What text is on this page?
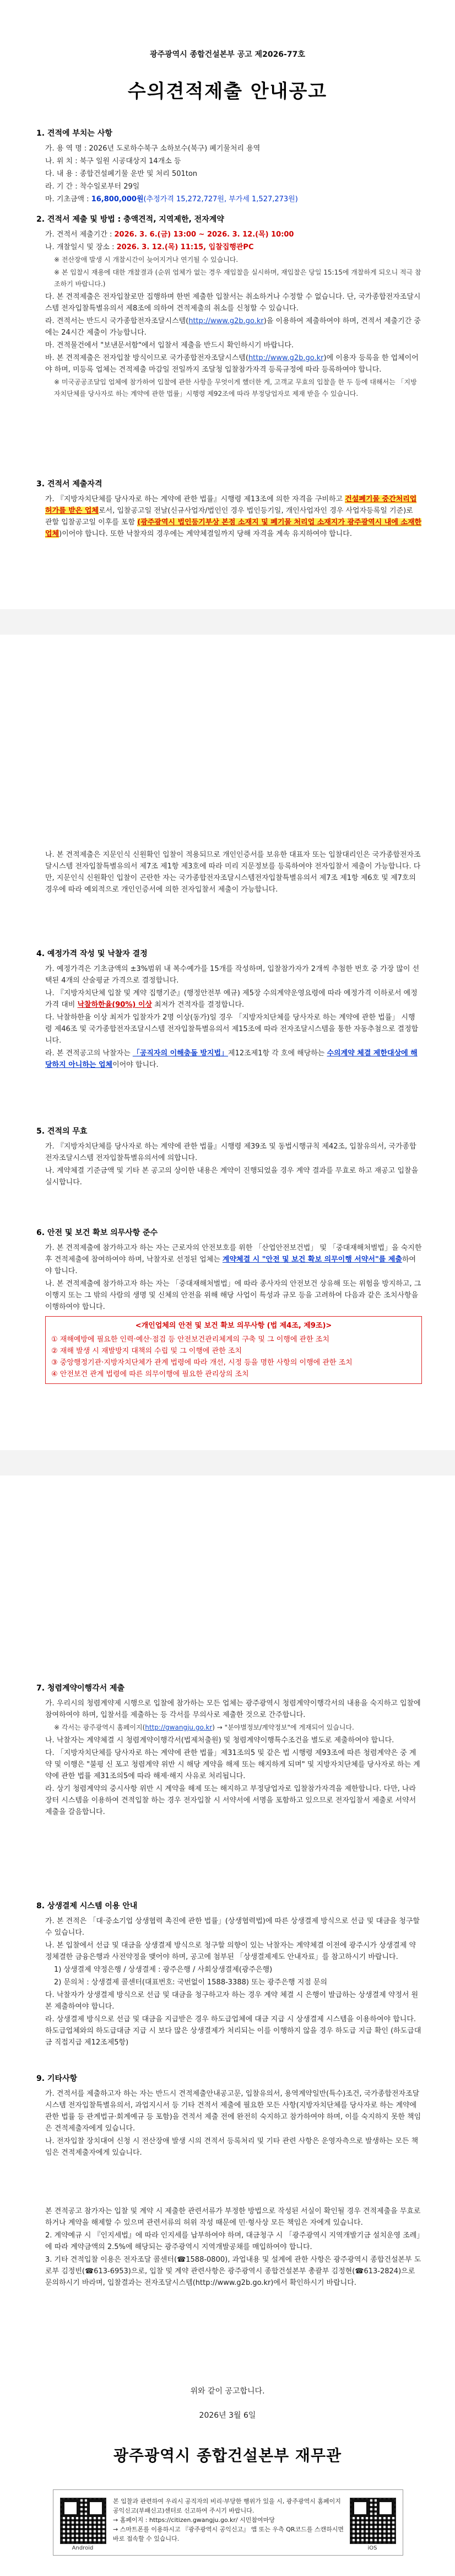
광주광역시 종합건설본부 공고 제2026-77호
수의견적제출 안내공고
1. 견적에 부치는 사항
가. 용 역 명 : 2026년 도로하수북구 소하보수(북구) 폐기물처리 용역
나. 위 치 : 북구 일원 시공대상지 14개소 등
다. 내 용 : 종합건설폐기물 운반 및 처리 501ton
라. 기 간 : 착수일로부터 29일
마. 기초금액 : 16,800,000원(추정가격 15,272,727원, 부가세 1,527,273원)
2. 견적서 제출 및 방법 : 충액견적, 지역제한, 전자계약
가. 견적서 제출기간 : 2026. 3. 6.(금) 13:00 ~ 2026. 3. 12.(목) 10:00
나. 개찰일시 및 장소 : 2026. 3. 12.(목) 11:15, 입찰집행관PC
※ 전산장애 발생 시 개찰시간이 늦어지거나 연기될 수 있습니다.
※ 본 입찰시 재용에 대한 개찰결과 (순위 업체가 없는 경우 재입찰을 실시하며, 재입찰은 당일 15:15에 개찰하게 되오니 적극 참조하기 바랍니다.)
다. 본 견적제출은 전자입찰로만 집행하며 한번 제출한 입찰서는 취소하거나 수정할 수 없습니다. 단, 국가종합전자조달시스템 전자입찰특별유의서 제8조에 의하여 견적제출의 취소를 신청할 수 있습니다.
라. 견적서는 반드시 국가종합전자조달시스템(http://www.g2b.go.kr)을 이용하여 제출하여야 하며, 견적서 제출기간 중에는 24시간 제출이 가능합니다.
마. 견적물건에서 "보낸문서함"에서 입찰서 제출을 반드시 확인하시기 바랍니다.
바. 본 견적제출은 전자입찰 방식이므로 국가종합전자조달시스템(http://www.g2b.go.kr)에 이용자 등록을 한 업체이어야 하며, 미등록 업체는 견적제출 마감일 전일까지 조달청 입찰참가자격 등록규정에 따라 등록하여야 합니다.
※ 미국공공조달입 업체에 참가하여 입찰에 관한 사항을 무엇이게 했더한 게, 고객교 무효의 입찰을 한 두 등에 대해서는 「지방자치단체를 당사자로 하는 계약에 관한 법률」시행령 제92조에 따라 부정당업자로 제재 받을 수 있습니다.
3. 견적서 제출자격
가. 『지방자치단체를 당사자로 하는 계약에 관한 법률』시행령 제13조에 의한 자격을 구비하고 건설폐기물 중간처리업 허가를 받은 업체로서, 입찰공고일 전날(신규사업자/법인인 경우 법인등기일, 개인사업자인 경우 사업자등록일 기준)로 관할 입찰공고일 이후를 포함 (광주광역시 법인등기부상 본점 소재지 및 폐기물 처리업 소재지가 광주광역시 내에 소재한 업체)이어야 합니다. 또한 낙찰자의 경우에는 계약체결일까지 당해 자격을 계속 유지하여야 합니다.
나. 본 견적제출은 지문인식 신원확인 입찰이 적용되므로 개인인증서를 보유한 대표자 또는 입찰대리인은 국가종합전자조달시스템 전자입찰특별유의서 제7조 제1항 제3호에 따라 미리 지문정보를 등록하여야 전자입찰서 제출이 가능합니다. 다만, 지문인식 신원확인 입찰이 곤란한 자는 국가종합전자조달시스템전자입찰특별유의서 제7조 제1항 제6호 및 제7호의 경우에 따라 예외적으로 개인인증서에 의한 전자입찰서 제출이 가능합니다.
4. 예정가격 작성 및 낙찰자 결정
가. 예정가격은 기초금액의 ±3%범위 내 복수예가를 15개를 작성하며, 입찰참가자가 2개씩 추첨한 번호 중 가장 많이 선택된 4개의 산술평균 가격으로 결정합니다.
나. 『지방자치단체 입찰 및 계약 집행기준』(행정안전부 예규) 제5장 수의계약운영요령에 따라 예정가격 이하로서 예정가격 대비 낙찰하한율(90%) 이상 최저가 견적자를 결정합니다.
다. 낙찰하한율 이상 최저가 입찰자가 2명 이상(동가)일 경우 「지방자치단체를 당사자로 하는 계약에 관한 법률」 시행령 제46조 및 국가종합전자조달시스템 전자입찰특별유의서 제15조에 따라 전자조달시스템을 통한 자동추첨으로 결정합니다.
라. 본 견적공고의 낙찰자는 「공직자의 이해충돌 방지법」제12조제1항 각 호에 해당하는 수의계약 체결 제한대상에 해당하지 아니하는 업체이어야 합니다.
5. 견적의 무효
가. 『지방자치단체를 당사자로 하는 계약에 관한 법률』시행령 제39조 및 동법시행규칙 제42조, 입찰유의서, 국가종합전자조달시스템 전자입찰특별유의서에 의합니다.
나. 계약체결 기준금액 및 기타 본 공고의 상이한 내용은 계약이 진행되었을 경우 계약 결과를 무효로 하고 재공고 입찰을 실시합니다.
6. 안전 및 보건 확보 의무사항 준수
가. 본 견적제출에 참가하고자 하는 자는 근로자의 안전보호를 위한 「산업안전보건법」 및 「중대재해처벌법」을 숙지한 후 견적제출에 참여하여야 하며, 낙찰자로 선정된 업체는 계약체결 시 "안전 및 보건 확보 의무이행 서약서"를 제출하여야 합니다.
나. 본 견적제출에 참가하고자 하는 자는 「중대재해처벌법」에 따라 종사자의 안전보건 상유해 또는 위험을 방지하고, 그 이행지 또는 그 밖의 사람의 생명 및 신체의 안전을 위해 해당 사업이 특성과 규모 등을 고려하여 다음과 같은 조치사항을 이행하여야 합니다.
<개인업체의 안전 및 보건 확보 의무사항 (법 제4조, 제9조)>
① 재해예방에 필요한 인력·예산·점검 등 안전보건관리체계의 구축 및 그 이행에 관한 조치
② 재해 발생 시 재발방지 대책의 수립 및 그 이행에 관한 조치
③ 중앙행정기관·지방자치단체가 관계 법령에 따라 개선, 시정 등을 명한 사항의 이행에 관한 조치
④ 안전보건 관계 법령에 따른 의무이행에 필요한 관리상의 조치
7. 청렴계약이행각서 제출
가. 우리시의 청렴계약제 시행으로 입찰에 참가하는 모든 업체는 광주광역시 청렴계약이행각서의 내용을 숙지하고 입찰에 참여하여야 하며, 입찰서를 제출하는 등 각서를 무의사로 제출한 것으로 간주합니다.
※ 각서는 광주광역시 홈페이지(http://gwangju.go.kr) → "분야별정보/계약정보"에 게재되어 있습니다.
나. 낙찰자는 계약체결 시 청렴계약이행각서(법제처출원) 및 청렴계약이행특수조건을 별도로 제출하여야 합니다.
다. 「지방자치단체를 당사자로 하는 계약에 관한 법률」제31조의5 및 같은 법 시행령 제93조에 따른 청렴계약은 중 계약 및 이행은 "불평 신 포고 청렴계약 위반 시 해당 계약을 해제 또는 해지하게 되며" 및 지방자치단체를 당사자로 하는 계약에 관한 법률 제31조의5에 따라 해제·해지 사유로 처리됩니다.
라. 상기 청렴계약의 중시사항 위반 시 계약을 해제 또는 해지하고 부정당업자로 입찰참가자격을 제한합니다. 다만, 나라장터 시스템을 이용하여 견적입찰 하는 경우 전자입찰 시 서약서에 서명을 포함하고 있으므로 전자입찰서 제출로 서약서 제출을 갈음합니다.
8. 상생결제 시스템 이용 안내
가. 본 견적은 「대·중소기업 상생협력 촉진에 관한 법률」(상생협력법)에 따른 상생결제 방식으로 선급 및 대금을 청구할 수 있습니다.
나. 본 입찰에서 선급 및 대금을 상생결제 방식으로 청구할 의향이 있는 낙찰자는 계약체결 이전에 광주시가 상생결제 약정체결한 금융은행과 사전약정을 맺어야 하며, 공고에 첨부된 「상생결제제도 안내자료」를 참고하시기 바랍니다.
1) 상생결제 약정은행 / 상생결제 : 광주은행 / 사회상생결제(광주은행)
2) 문의처 : 상생결제 콜센터(대표번호: 국번없이 1588-3388) 또는 광주은행 지점 문의
다. 낙찰자가 상생결제 방식으로 선급 및 대금을 청구하고자 하는 경우 계약 체결 시 은행이 발급하는 상생결제 약정서 원본 제출하여야 합니다.
라. 상생결제 방식으로 선급 및 대금을 지급받은 경우 하도급업체에 대금 지급 시 상생결제 시스템을 이용하여야 합니다. 하도급업체와의 하도급대금 지급 시 보다 많은 상생결제가 처리되는 이를 이행하지 않을 경우 하도급 지급 확인 (하도급대금 직접지급 제12조제5항)
9. 기타사항
가. 견적서를 제출하고자 하는 자는 반드시 견적제출안내공고문, 입찰유의서, 용역계약일반(특수)조건, 국가종합전자조달시스템 전자입찰특별유의서, 과업지시서 등 기타 견적서 제출에 필요한 모든 사항(지방자치단체를 당사자로 하는 계약에 관한 법률 등 관계법규·회계예규 등 포함)을 견적서 제출 전에 완전히 숙지하고 참가하여야 하며, 이를 숙지하지 못한 책임은 견적제출자에게 있습니다.
나. 전자입찰 장치대여 신청 시 전산장애 발생 시의 견적서 등록처리 및 기타 관련 사항은 운영자측으로 발생하는 모든 책임은 견적제출자에게 있습니다.
본 견적공고 참가자는 입찰 및 계약 시 제출한 관련서류가 부정한 방법으로 작성된 서실이 확인될 경우 견적제출을 무효로 하거나 계약을 해제할 수 있으며 관련서류의 허위 작성 때문에 민·형사상 모든 책임은 자에게 있습니다.
2. 계약예규 시 『인지세법』에 따라 인지세를 납부하여야 하며, 대금청구 시 「광주광역시 지역개발기금 설치운영 조례」에 따라 계약금액의 2.5%에 해당되는 광주광역시 지역개발공채를 매입하여야 합니다.
3. 기타 견적입찰 이용은 전자조달 콜센터(☎1588-0800), 과업내용 및 설계에 관한 사항은 광주광역시 종합건설본부 도로부 김정빈(☎613-6953)으로, 입찰 및 계약 관련사항은 광주광역시 종합건설본부 총괄부 김정현(☎613-2824)으로 문의하시기 바라며, 입찰결과는 전자조달시스템(http://www.g2b.go.kr)에서 확인하시기 바랍니다.
위와 같이 공고합니다.
2026년 3월 6일
광주광역시 종합건설본부 재무관
Android
본 입찰과 관련하여 우리시 공직자의 비리·부당한 행위가 있을 시, 광주광역시 홈페이지 공익신고(부패신고)센터로 신고하여 주시기 바랍니다.
→ 홈페이지 : https://citizen.gwangju.go.kr/ 시민참여마당
→ 스마트폰를 이용하시고 『광주광역시 공익신고』 앱 또는 우측 QR코드를 스캔하시면 바로 접속할 수 있습니다.
iOS
